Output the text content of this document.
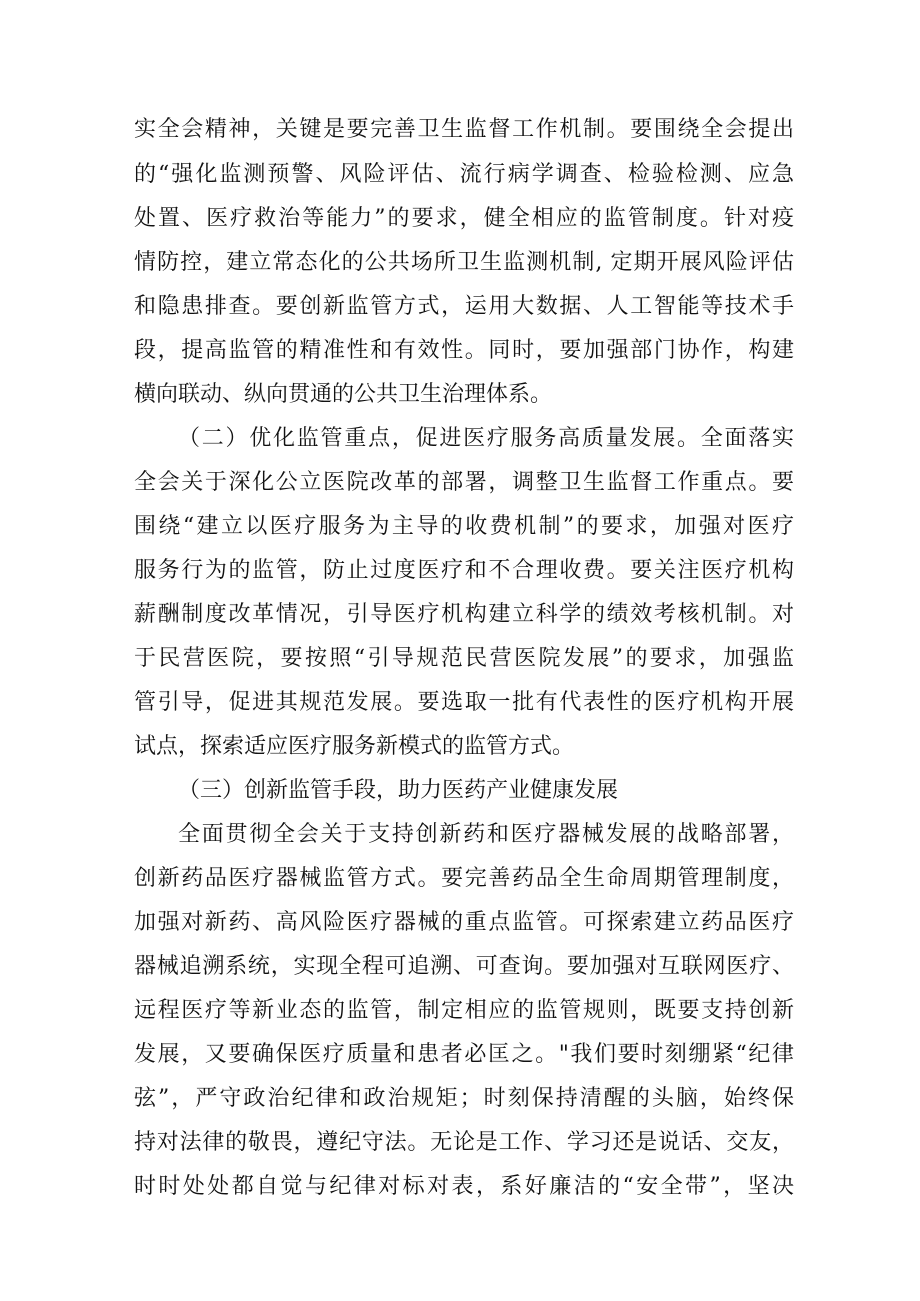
实全会精神，关键是要完善卫生监督工作机制。要围绕全会提出

的“强化监测预警、风险评估、流行病学调查、检验检测、应急

处置、医疗救治等能力”的要求，健全相应的监管制度。针对疫

情防控，建立常态化的公共场所卫生监测机制, 定期开展风险评估

和隐患排查。要创新监管方式，运用大数据、人工智能等技术手

段，提高监管的精准性和有效性。同时，要加强部门协作，构建

横向联动、纵向贯通的公共卫生治理体系。

（二）优化监管重点，促进医疗服务高质量发展。全面落实

全会关于深化公立医院改革的部署，调整卫生监督工作重点。要

围绕“建立以医疗服务为主导的收费机制”的要求，加强对医疗

服务行为的监管，防止过度医疗和不合理收费。要关注医疗机构

薪酬制度改革情况，引导医疗机构建立科学的绩效考核机制。对

于民营医院，要按照“引导规范民营医院发展”的要求，加强监

管引导，促进其规范发展。要选取一批有代表性的医疗机构开展

试点，探索适应医疗服务新模式的监管方式。

（三）创新监管手段，助力医药产业健康发展

全面贯彻全会关于支持创新药和医疗器械发展的战略部署，

创新药品医疗器械监管方式。要完善药品全生命周期管理制度，

加强对新药、高风险医疗器械的重点监管。可探索建立药品医疗

器械追溯系统，实现全程可追溯、可查询。要加强对互联网医疗、

远程医疗等新业态的监管，制定相应的监管规则，既要支持创新

发展，又要确保医疗质量和患者必匡之。"我们要时刻绷紧“纪律

弦”，严守政治纪律和政治规矩；时刻保持清醒的头脑，始终保

持对法律的敬畏，遵纪守法。无论是工作、学习还是说话、交友，

时时处处都自觉与纪律对标对表，系好廉洁的“安全带”，坚决
